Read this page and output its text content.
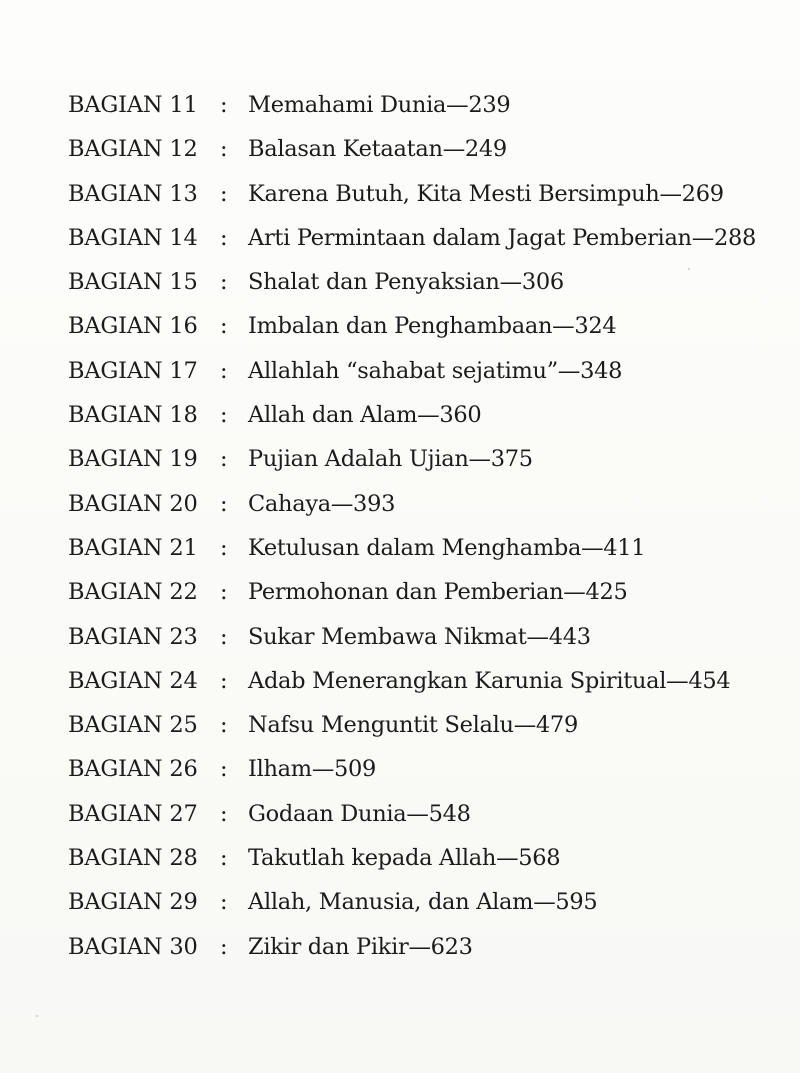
BAGIAN 11 : Memahami Dunia—239
BAGIAN 12 : Balasan Ketaatan—249
BAGIAN 13 : Karena Butuh, Kita Mesti Bersimpuh—269
BAGIAN 14 : Arti Permintaan dalam Jagat Pemberian—288
BAGIAN 15 : Shalat dan Penyaksian—306
BAGIAN 16 : Imbalan dan Penghambaan—324
BAGIAN 17 : Allahlah “sahabat sejatimu”—348
BAGIAN 18 : Allah dan Alam—360
BAGIAN 19 : Pujian Adalah Ujian—375
BAGIAN 20 : Cahaya—393
BAGIAN 21 : Ketulusan dalam Menghamba—411
BAGIAN 22 : Permohonan dan Pemberian—425
BAGIAN 23 : Sukar Membawa Nikmat—443
BAGIAN 24 : Adab Menerangkan Karunia Spiritual—454
BAGIAN 25 : Nafsu Menguntit Selalu—479
BAGIAN 26 : Ilham—509
BAGIAN 27 : Godaan Dunia—548
BAGIAN 28 : Takutlah kepada Allah—568
BAGIAN 29 : Allah, Manusia, dan Alam—595
BAGIAN 30 : Zikir dan Pikir—623
